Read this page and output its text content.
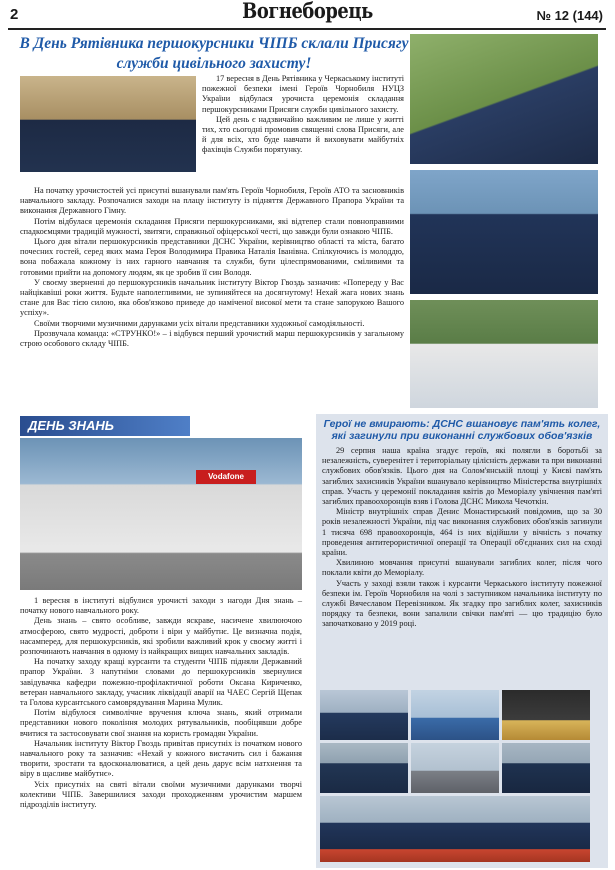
2	Вогнеборець	№ 12 (144)
В День Рятівника першокурсники ЧІПБ склали Присягу служби цивільного захисту!

17 вересня в День Рятівника у Черкаському інституті пожежної безпеки імені Героїв Чорнобиля НУЦЗ України відбулася урочиста церемонія складання першокурсниками Присяги служби цивільного захисту.

Цей день є надзвичайно важливим не лише у житті тих, хто сьогодні промовив священні слова Присяги, але й для всіх, хто буде навчати й виховувати майбутніх фахівців Служби порятунку.

На початку урочистостей усі присутні вшанували пам'ять Героїв Чорнобиля, Героїв АТО та засновників навчального закладу. Розпочалися заходи на плацу інституту із підняття Державного Прапора України та виконання Державного Гімну.

Потім відбулася церемонія складання Присяги першокурсниками, які відтепер стали повноправними спадкоємцями традицій мужності, звитяги, справжньої офіцерської честі, що завжди були ознакою ЧІПБ.

Цього дня вітали першокурсників представники ДСНС України, керівництво області та міста, багато почесних гостей, серед яких мама Героя Володимира Правика Наталія Іванівна. Спілкуючись із молоддю, вона побажала кожному із них гарного навчання та служби, бути цілеспрямованими, сміливими та готовими прийти на допомогу людям, як це зробив її син Володя.

У своєму зверненні до першокурсників начальник інституту Віктор Гвоздь зазначив: «Попереду у Вас найцікавіші роки життя. Будьте наполегливими, не зупиняйтеся на досягнутому! Нехай жага нових знань стане для Вас тією силою, яка обов'язково приведе до наміченої високої мети та стане запорукою Вашого успіху».

Своїми творчими музичними дарунками усіх вітали представники художньої самодіяльності.

Прозвучала команда: «СТРУНКО!» – і відбувся перший урочистий марш першокурсників у загальному строю особового складу ЧІПБ.

ДЕНЬ ЗНАНЬ
Vodafone

1 вересня в інституті відбулися урочисті заходи з нагоди Дня знань – початку нового навчального року.

День знань – свято особливе, завжди яскраве, насичене хвилюючою атмосферою, свято мудрості, доброти і віри у майбутнє. Це визначна подія, насамперед, для першокурсників, які зробили важливий крок у своєму житті і розпочинають навчання в одному із найкращих вищих навчальних закладів.

На початку заходу кращі курсанти та студенти ЧІПБ підняли Державний прапор України. З напутніми словами до першокурсників звернулися завідувачка кафедри пожежно-профілактичної роботи Оксана Кириченко, ветеран навчального закладу, учасник ліквідації аварії на ЧАЕС Сергій Щепак та Голова курсантського самоврядування Марина Мулик.

Потім відбулося символічне вручення ключа знань, який отримали представники нового покоління молодих рятувальників, пообіцявши добре вчитися та застосовувати свої знання на користь громадян України.

Начальник інституту Віктор Гвоздь привітав присутніх із початком нового навчального року та зазначив: «Нехай у кожного вистачить сил і бажання творити, зростати та вдосконалюватися, а цей день дарує всім натхнення та віру в щасливе майбутнє».

Усіх присутніх на святі вітали своїми музичними дарунками творчі колективи ЧІПБ. Завершилися заходи проходженням урочистим маршем підрозділів інституту.

Герої не вмирають: ДСНС вшановує пам'ять колег, які загинули при виконанні службових обов'язків

29 серпня наша країна згадує героїв, які полягли в боротьбі за незалежність, суверенітет і територіальну цілісність держави та при виконанні службових обов'язків. Цього дня на Солом'янській площі у Києві пам'ять загиблих захисників України вшанувало керівництво Міністерства внутрішніх справ. Участь у церемонії покладання квітів до Меморіалу увічнення пам'яті загиблих правоохоронців взяв і Голова ДСНС Микола Чечоткін.

Міністр внутрішніх справ Денис Монастирський повідомив, що за 30 років незалежності України, під час виконання службових обов'язків загинули 1 тисяча 698 правоохоронців, 464 із них відійшли у вічність з початку проведення антитерористичної операції та Операції об'єднаних сил на сході країни.

Хвилиною мовчання присутні вшанували загиблих колег, після чого поклали квіти до Меморіалу.

Участь у заході взяли також і курсанти Черкаського інституту пожежної безпеки ім. Героїв Чорнобиля на чолі з заступником начальника інституту по службі Вячеславом Перевізником. Як згадку про загиблих колег, захисників порядку та безпеки, вони запалили свічки пам'яті — цю традицію було започатковано у 2019 році.
